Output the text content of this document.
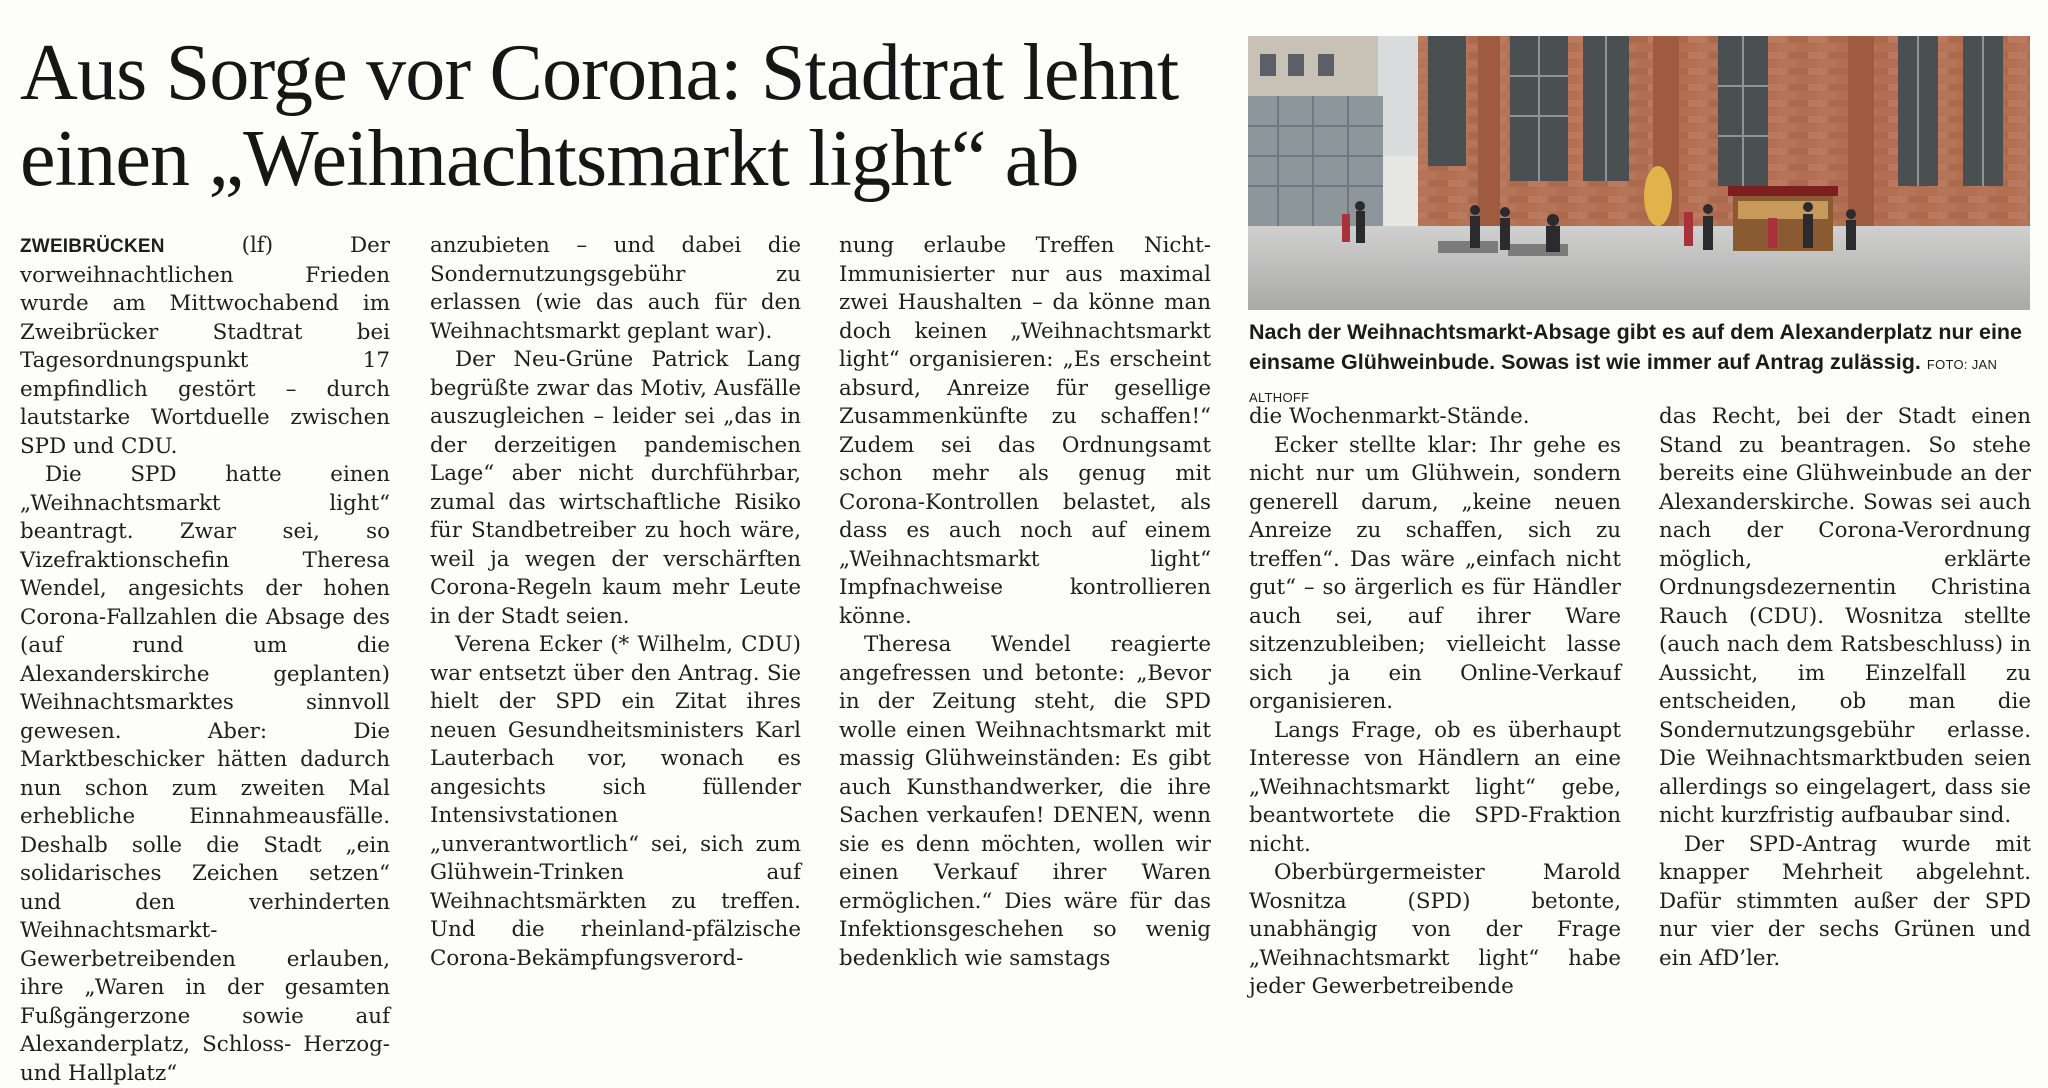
Aus Sorge vor Corona: Stadtrat lehnt einen „Weihnachtsmarkt light“ ab
Nach der Weihnachtsmarkt-Absage gibt es auf dem Alexanderplatz nur eine einsame Glühweinbude. Sowas ist wie immer auf Antrag zulässig. FOTO: JAN ALTHOFF

ZWEIBRÜCKEN (lf) Der vorweihnachtlichen Frieden wurde am Mittwochabend im Zweibrücker Stadtrat bei Tagesordnungspunkt 17 empfindlich gestört – durch lautstarke Wortduelle zwischen SPD und CDU.

Die SPD hatte einen „Weihnachtsmarkt light“ beantragt. Zwar sei, so Vizefraktionschefin Theresa Wendel, angesichts der hohen Corona-Fallzahlen die Absage des (auf rund um die Alexanderskirche geplanten) Weihnachtsmarktes sinnvoll gewesen. Aber: Die Marktbeschicker hätten dadurch nun schon zum zweiten Mal erhebliche Einnahmeausfälle. Deshalb solle die Stadt „ein solidarisches Zeichen setzen“ und den verhinderten Weihnachtsmarkt-Gewerbetreibenden erlauben, ihre „Waren in der gesamten Fußgängerzone sowie auf Alexanderplatz, Schloss- Herzog- und Hallplatz“

anzubieten – und dabei die Sondernutzungsgebühr zu erlassen (wie das auch für den Weihnachtsmarkt geplant war).

Der Neu-Grüne Patrick Lang begrüßte zwar das Motiv, Ausfälle auszugleichen – leider sei „das in der derzeitigen pandemischen Lage“ aber nicht durchführbar, zumal das wirtschaftliche Risiko für Standbetreiber zu hoch wäre, weil ja wegen der verschärften Corona-Regeln kaum mehr Leute in der Stadt seien.

Verena Ecker (* Wilhelm, CDU) war entsetzt über den Antrag. Sie hielt der SPD ein Zitat ihres neuen Gesundheitsministers Karl Lauterbach vor, wonach es angesichts sich füllender Intensivstationen „unverantwortlich“ sei, sich zum Glühwein-Trinken auf Weihnachtsmärkten zu treffen. Und die rheinland-pfälzische Corona-Bekämpfungsverord-

nung erlaube Treffen Nicht-Immunisierter nur aus maximal zwei Haushalten – da könne man doch keinen „Weihnachtsmarkt light“ organisieren: „Es erscheint absurd, Anreize für gesellige Zusammenkünfte zu schaffen!“ Zudem sei das Ordnungsamt schon mehr als genug mit Corona-Kontrollen belastet, als dass es auch noch auf einem „Weihnachtsmarkt light“ Impfnachweise kontrollieren könne.

Theresa Wendel reagierte angefressen und betonte: „Bevor in der Zeitung steht, die SPD wolle einen Weihnachtsmarkt mit massig Glühweinständen: Es gibt auch Kunsthandwerker, die ihre Sachen verkaufen! DENEN, wenn sie es denn möchten, wollen wir einen Verkauf ihrer Waren ermöglichen.“ Dies wäre für das Infektionsgeschehen so wenig bedenklich wie samstags

die Wochenmarkt-Stände.

Ecker stellte klar: Ihr gehe es nicht nur um Glühwein, sondern generell darum, „keine neuen Anreize zu schaffen, sich zu treffen“. Das wäre „einfach nicht gut“ – so ärgerlich es für Händler auch sei, auf ihrer Ware sitzenzubleiben; vielleicht lasse sich ja ein Online-Verkauf organisieren.

Langs Frage, ob es überhaupt Interesse von Händlern an eine „Weihnachtsmarkt light“ gebe, beantwortete die SPD-Fraktion nicht.

Oberbürgermeister Marold Wosnitza (SPD) betonte, unabhängig von der Frage „Weihnachtsmarkt light“ habe jeder Gewerbetreibende

das Recht, bei der Stadt einen Stand zu beantragen. So stehe bereits eine Glühweinbude an der Alexanderskirche. Sowas sei auch nach der Corona-Verordnung möglich, erklärte Ordnungsdezernentin Christina Rauch (CDU). Wosnitza stellte (auch nach dem Ratsbeschluss) in Aussicht, im Einzelfall zu entscheiden, ob man die Sondernutzungsgebühr erlasse. Die Weihnachtsmarktbuden seien allerdings so eingelagert, dass sie nicht kurzfristig aufbaubar sind.

Der SPD-Antrag wurde mit knapper Mehrheit abgelehnt. Dafür stimmten außer der SPD nur vier der sechs Grünen und ein AfD’ler.
